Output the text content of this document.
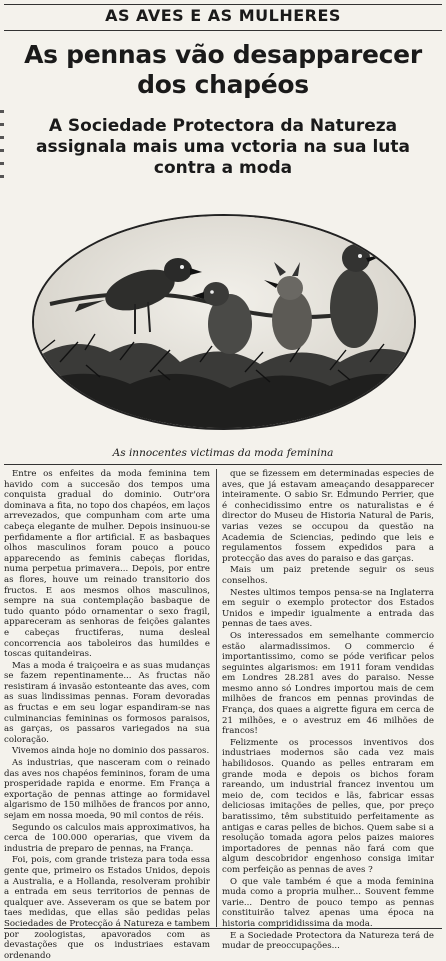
AS AVES E AS MULHERES
As pennas vão desapparecer dos chapéos
A Sociedade Protectora da Natureza assignala mais uma vctoria na sua luta contra a moda
As innocentes victimas da moda feminina

Entre os enfeites da moda feminina tem havido com a succesão dos tempos uma conquista gradual do dominio. Outr'ora dominava a fita, no topo dos chapéos, em laços arrevezados, que compunham com arte uma cabeça elegante de mulher. Depois insinuou-se perfidamente a flor artificial. E as basbaques olhos masculinos foram pouco a pouco apparecendo as feminis cabeças floridas, numa perpetua primavera... Depois, por entre as flores, houve um reinado transitorio dos fructos. E aos mesmos olhos masculinos, sempre na sua contemplação basbaque de tudo quanto pódo ornamentar o sexo fragil, appareceram as senhoras de feições galantes e cabeças fructiferas, numa desleal concorrencia aos taboleiros das humildes e toscas quitandeiras.

Mas a moda é traiçoeira e as suas mudanças se fazem repentinamente... As fructas não resistiram á invasão estonteante das aves, com as suas lindissimas pennas. Foram devoradas as fructas e em seu logar espandiram-se nas culminancias femininas os formosos paraisos, as garças, os passaros variegados na sua coloração.

Vivemos ainda hoje no dominio dos passaros.

As industrias, que nasceram com o reinado das aves nos chapéos femininos, foram de uma prosperidade rapida e enorme. Em França a exportação de pennas attinge ao formidavel algarismo de 150 milhões de francos por anno, sejam em nossa moeda, 90 mil contos de réis.

Segundo os calculos mais approximativos, ha cerca de 100.000 operarias, que vivem da industria de preparo de pennas, na França.

Foi, pois, com grande tristeza para toda essa gente que, primeiro os Estados Unidos, depois a Australia, e a Hollanda, resolveram prohibir a entrada em seus territorios de pennas de qualquer ave. Asseveram os que se batem por taes medidas, que ellas são pedidas pelas Sociedades de Protecção á Natureza e tambem por zoologistas, apavorados com as devastações que os industriaes estavam ordenando

que se fizessem em determinadas especies de aves, que já estavam ameaçando desapparecer inteiramente. O sabio Sr. Edmundo Perrier, que é conhecidissimo entre os naturalistas e é director do Museu de Historia Natural de Paris, varias vezes se occupou da questão na Academia de Sciencias, pedindo que leis e regulamentos fossem expedidos para a protecção das aves do paraiso e das garças.

Mais um paiz pretende seguir os seus conselhos.

Nestes ultimos tempos pensa-se na Inglaterra em seguir o exemplo protector dos Estados Unidos e impedir igualmente a entrada das pennas de taes aves.

Os interessados em semelhante commercio estão alarmadissimos. O commercio é importantissimo, como se póde verificar pelos seguintes algarismos: em 1911 foram vendidas em Londres 28.281 aves do paraiso. Nesse mesmo anno só Londres importou mais de cem milhões de francos em pennas provindas de França, dos quaes a aigrette figura em cerca de 21 milhões, e o avestruz em 46 milhões de francos!

Felizmente os processos inventivos dos industriaes modernos são cada vez mais habilidosos. Quando as pelles entraram em grande moda e depois os bichos foram rareando, um industrial francez inventou um meio de, com tecidos e lãs, fabricar essas deliciosas imitações de pelles, que, por preço baratissimo, têm substituido perfeitamente as antigas e caras pelles de bichos. Quem sabe si a resolução tomada agora pelos paizes maiores importadores de pennas não fará com que algum descobridor engenhoso consiga imitar com perfeição as pennas de aves ?

O que vale também é que a moda feminina muda como a propria mulher... Souvent femme varie... Dentro de pouco tempo as pennas constituirão talvez apenas uma época na historia comprididissima da moda.

E a Sociedade Protectora da Natureza terá de mudar de preoccupações...
